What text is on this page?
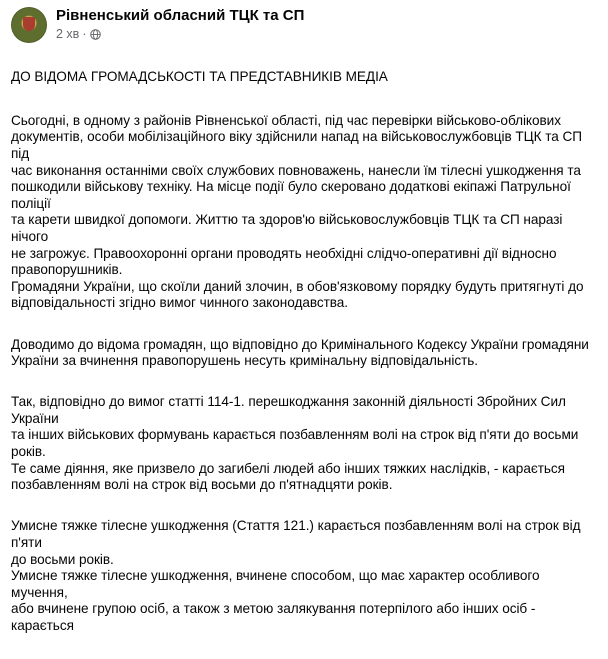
Рівненський обласний ТЦК та СП
2 хв ·

ДО ВІДОМА ГРОМАДСЬКОСТІ ТА ПРЕДСТАВНИКІВ МЕДІА

Сьогодні, в одному з районів Рівненської області, під час перевірки військово-облікових
документів, особи мобілізаційного віку здійснили напад на військовослужбовців ТЦК та СП під
час виконання останніми своїх службових повноважень, нанесли їм тілесні ушкодження та
пошкодили військову техніку. На місце події було скеровано додаткові екіпажі Патрульної поліції
та карети швидкої допомоги. Життю та здоров'ю військовослужбовців ТЦК та СП наразі нічого
не загрожує. Правоохоронні органи проводять необхідні слідчо-оперативні дії відносно
правопорушників.
Громадяни України, що скоїли даний злочин, в обов'язковому порядку будуть притягнуті до
відповідальності згідно вимог чинного законодавства.

Доводимо до відома громадян, що відповідно до Кримінального Кодексу України громадяни
України за вчинення правопорушень несуть кримінальну відповідальність.

Так, відповідно до вимог статті 114-1. перешкоджання законній діяльності Збройних Сил України
та інших військових формувань карається позбавленням волі на строк від п'яти до восьми років.
Те саме діяння, яке призвело до загибелі людей або інших тяжких наслідків, - карається
позбавленням волі на строк від восьми до п'ятнадцяти років.

Умисне тяжке тілесне ушкодження (Стаття 121.) карається позбавленням волі на строк від п'яти
до восьми років.
Умисне тяжке тілесне ушкодження, вчинене способом, що має характер особливого мучення,
або вчинене групою осіб, а також з метою залякування потерпілого або інших осіб - карається
